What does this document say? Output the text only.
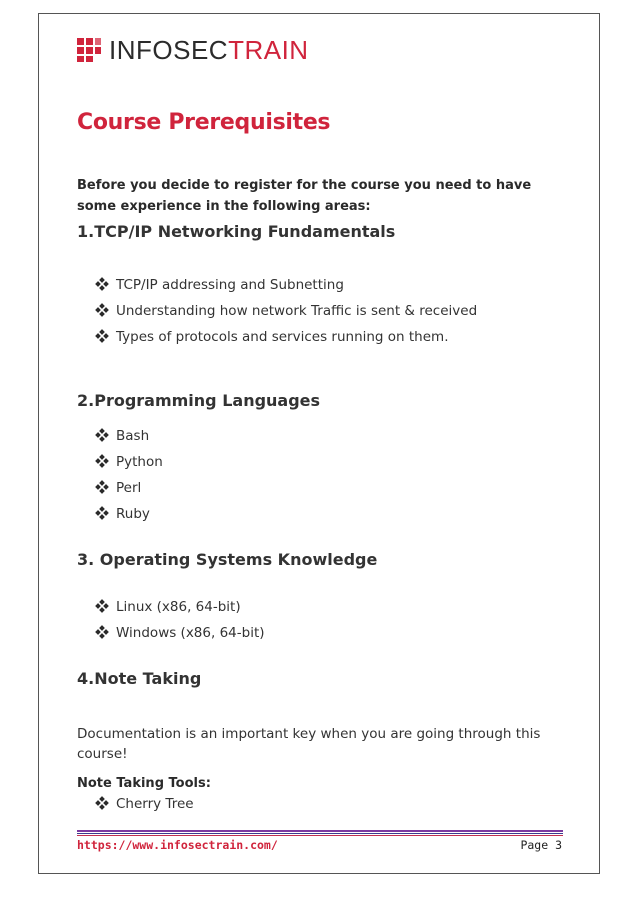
INFOSECTRAIN
Course Prerequisites

Before you decide to register for the course you need to have some experience in the following areas:

1.TCP/IP Networking Fundamentals
TCP/IP addressing and Subnetting
Understanding how network Traffic is sent & received
Types of protocols and services running on them.
2.Programming Languages
Bash
Python
Perl
Ruby
3. Operating Systems Knowledge
Linux (x86, 64-bit)
Windows (x86, 64-bit)
4.Note Taking

Documentation is an important key when you are going through this course!

Note Taking Tools:

Cherry Tree
https://www.infosectrain.com/	Page 3
